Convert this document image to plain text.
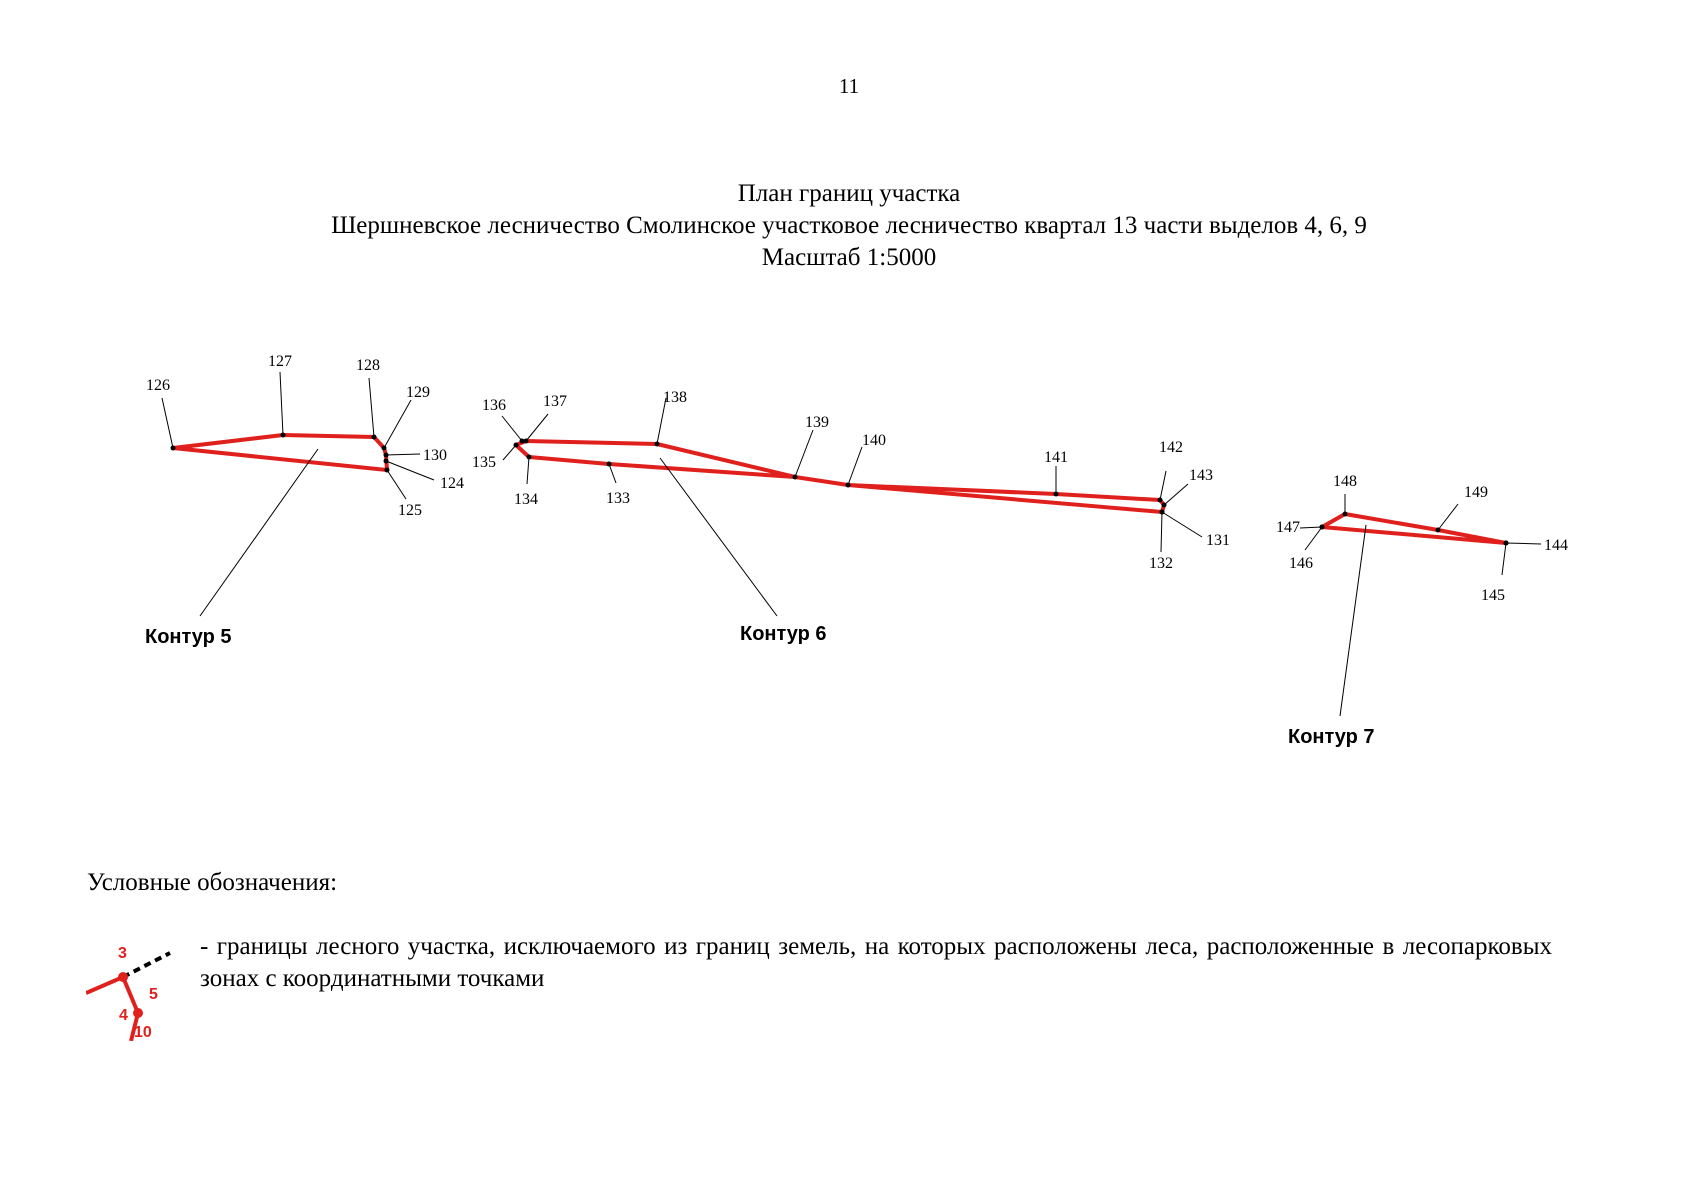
11
План границ участка
Шершневское лесничество Смолинское участковое лесничество квартал 13 части выделов 4, 6, 9
Масштаб 1:5000
126
127	128
129
130
124
125
Контур 5
131
132
133
134
135
136 137	138
139
140
141
142
143
Контур 6
144
145
146
147
148
149
Контур 7
Условные обозначения:
3
5
4
10
- границы лесного участка, исключаемого из границ земель, на которых расположены леса, расположенные в лесопарковых зонах с координатными точками
